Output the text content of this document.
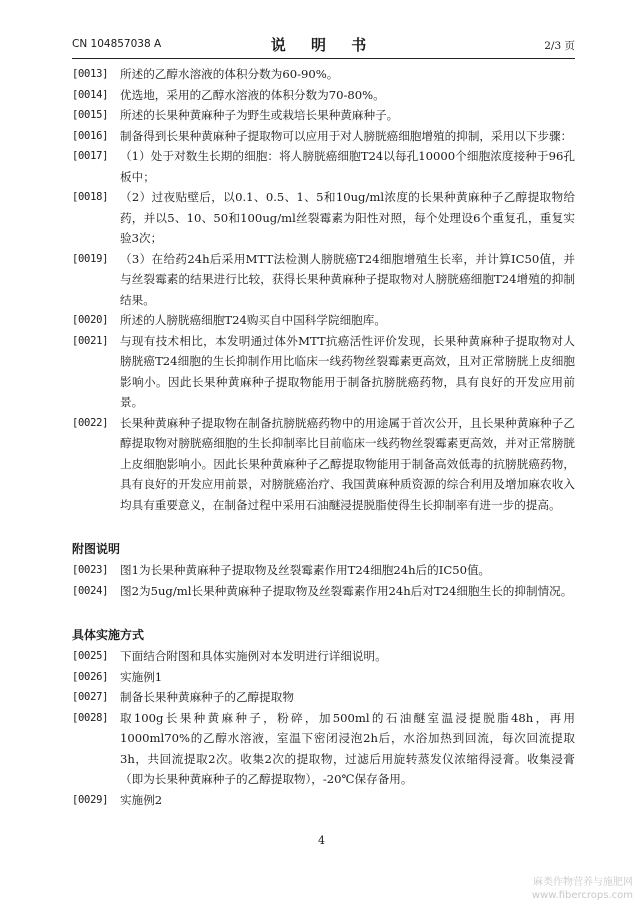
CN 104857038 A	说 明 书	2/3 页
[0013] 所述的乙醇水溶液的体积分数为60-90%。
[0014] 优选地，采用的乙醇水溶液的体积分数为70-80%。
[0015] 所述的长果种黄麻种子为野生或栽培长果种黄麻种子。
[0016] 制备得到长果种黄麻种子提取物可以应用于对人膀胱癌细胞增殖的抑制，采用以下步骤：
[0017] （1）处于对数生长期的细胞：将人膀胱癌细胞T24以每孔10000个细胞浓度接种于96孔板中；
[0018] （2）过夜贴壁后，以0.1、0.5、1、5和10ug/ml浓度的长果种黄麻种子乙醇提取物给药，并以5、10、50和100ug/ml丝裂霉素为阳性对照，每个处理设6个重复孔，重复实验3次；
[0019] （3）在给药24h后采用MTT法检测人膀胱癌T24细胞增殖生长率，并计算IC50值，并与丝裂霉素的结果进行比较，获得长果种黄麻种子提取物对人膀胱癌细胞T24增殖的抑制结果。
[0020] 所述的人膀胱癌细胞T24购买自中国科学院细胞库。
[0021] 与现有技术相比，本发明通过体外MTT抗癌活性评价发现，长果种黄麻种子提取物对人膀胱癌T24细胞的生长抑制作用比临床一线药物丝裂霉素更高效，且对正常膀胱上皮细胞影响小。因此长果种黄麻种子提取物能用于制备抗膀胱癌药物，具有良好的开发应用前景。
[0022] 长果种黄麻种子提取物在制备抗膀胱癌药物中的用途属于首次公开，且长果种黄麻种子乙醇提取物对膀胱癌细胞的生长抑制率比目前临床一线药物丝裂霉素更高效，并对正常膀胱上皮细胞影响小。因此长果种黄麻种子乙醇提取物能用于制备高效低毒的抗膀胱癌药物，具有良好的开发应用前景，对膀胱癌治疗、我国黄麻种质资源的综合利用及增加麻农收入均具有重要意义，在制备过程中采用石油醚浸提脱脂使得生长抑制率有进一步的提高。
附图说明
[0023] 图1为长果种黄麻种子提取物及丝裂霉素作用T24细胞24h后的IC50值。
[0024] 图2为5ug/ml长果种黄麻种子提取物及丝裂霉素作用24h后对T24细胞生长的抑制情况。
具体实施方式
[0025] 下面结合附图和具体实施例对本发明进行详细说明。
[0026] 实施例1
[0027] 制备长果种黄麻种子的乙醇提取物
[0028] 取100g长果种黄麻种子，粉碎，加500ml的石油醚室温浸提脱脂48h，再用1000ml70%的乙醇水溶液，室温下密闭浸泡2h后，水浴加热到回流，每次回流提取3h，共回流提取2次。收集2次的提取物，过滤后用旋转蒸发仪浓缩得浸膏。收集浸膏（即为长果种黄麻种子的乙醇提取物），-20℃保存备用。
[0029] 实施例2
4
麻类作物营养与施肥网
www.fibercrops.com
